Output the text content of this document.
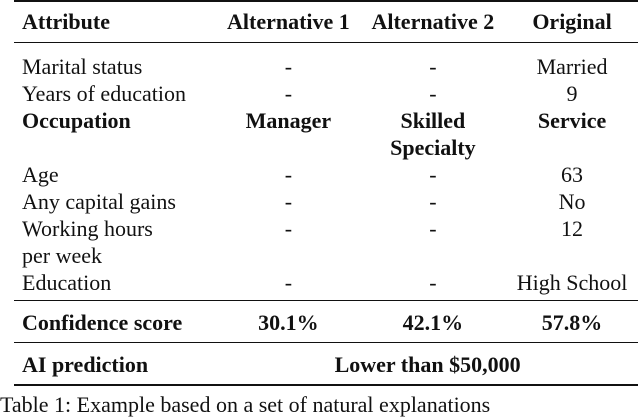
Attribute	Alternative 1	Alternative 2	Original
Marital status	-	-	Married
Years of education	-	-	9
Occupation	Manager	Skilled Specialty	Service
Age	-	-	63
Any capital gains	-	-	No
Working hours per week	-	-	12
Education	-	-	High School
Confidence score	30.1%	42.1%	57.8%
AI prediction	Lower than $50,000		
Table 1: Example based on a set of natural explanations
